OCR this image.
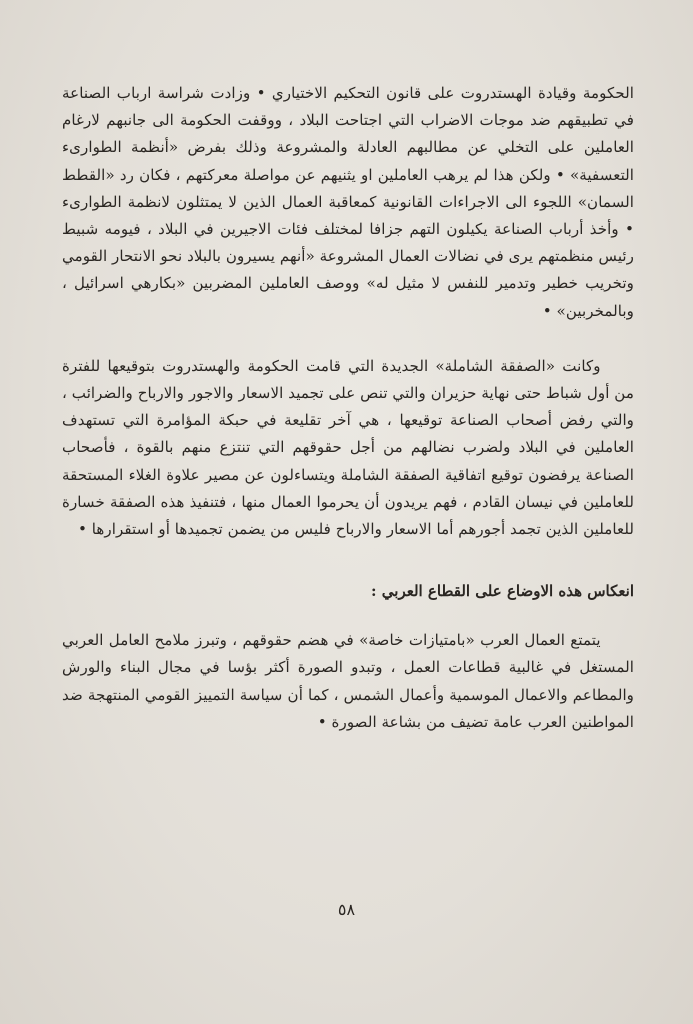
الحكومة وقيادة الهستدروت على قانون التحكيم الاختياري • وزادت شراسة ارباب الصناعة في تطبيقهم ضد موجات الاضراب التي اجتاحت البلاد ، ووقفت الحكومة الى جانبهم لارغام العاملين على التخلي عن مطالبهم العادلة والمشروعة وذلك بفرض «أنظمة الطوارىء التعسفية» • ولكن هذا لم يرهب العاملين او يثنيهم عن مواصلة معركتهم ، فكان رد «القطط السمان» اللجوء الى الاجراءات القانونية كمعاقبة العمال الذين لا يمتثلون لانظمة الطوارىء • وأخذ أرباب الصناعة يكيلون التهم جزافا لمختلف فئات الاجيرين في البلاد ، فيومه شبيط رئيس منظمتهم يرى في نضالات العمال المشروعة «أنهم يسيرون بالبلاد نحو الانتحار القومي وتخريب خطير وتدمير للنفس لا مثيل له» ووصف العاملين المضربين «بكارهي اسرائيل ، وبالمخربين» •

وكانت «الصفقة الشاملة» الجديدة التي قامت الحكومة والهستدروت بتوقيعها للفترة من أول شباط حتى نهاية حزيران والتي تنص على تجميد الاسعار والاجور والارباح والضرائب ، والتي رفض أصحاب الصناعة توقيعها ، هي آخر تقليعة في حبكة المؤامرة التي تستهدف العاملين في البلاد ولضرب نضالهم من أجل حقوقهم التي تنتزع منهم بالقوة ، فأصحاب الصناعة يرفضون توقيع اتفاقية الصفقة الشاملة ويتساءلون عن مصير علاوة الغلاء المستحقة للعاملين في نيسان القادم ، فهم يريدون أن يحرموا العمال منها ، فتنفيذ هذه الصفقة خسارة للعاملين الذين تجمد أجورهم أما الاسعار والارباح فليس من يضمن تجميدها أو استقرارها •

انعكاس هذه الاوضاع على القطاع العربي :

يتمتع العمال العرب «بامتيازات خاصة» في هضم حقوقهم ، وتبرز ملامح العامل العربي المستغل في غالبية قطاعات العمل ، وتبدو الصورة أكثر بؤسا في مجال البناء والورش والمطاعم والاعمال الموسمية وأعمال الشمس ، كما أن سياسة التمييز القومي المنتهجة ضد المواطنين العرب عامة تضيف من بشاعة الصورة •

٥٨
